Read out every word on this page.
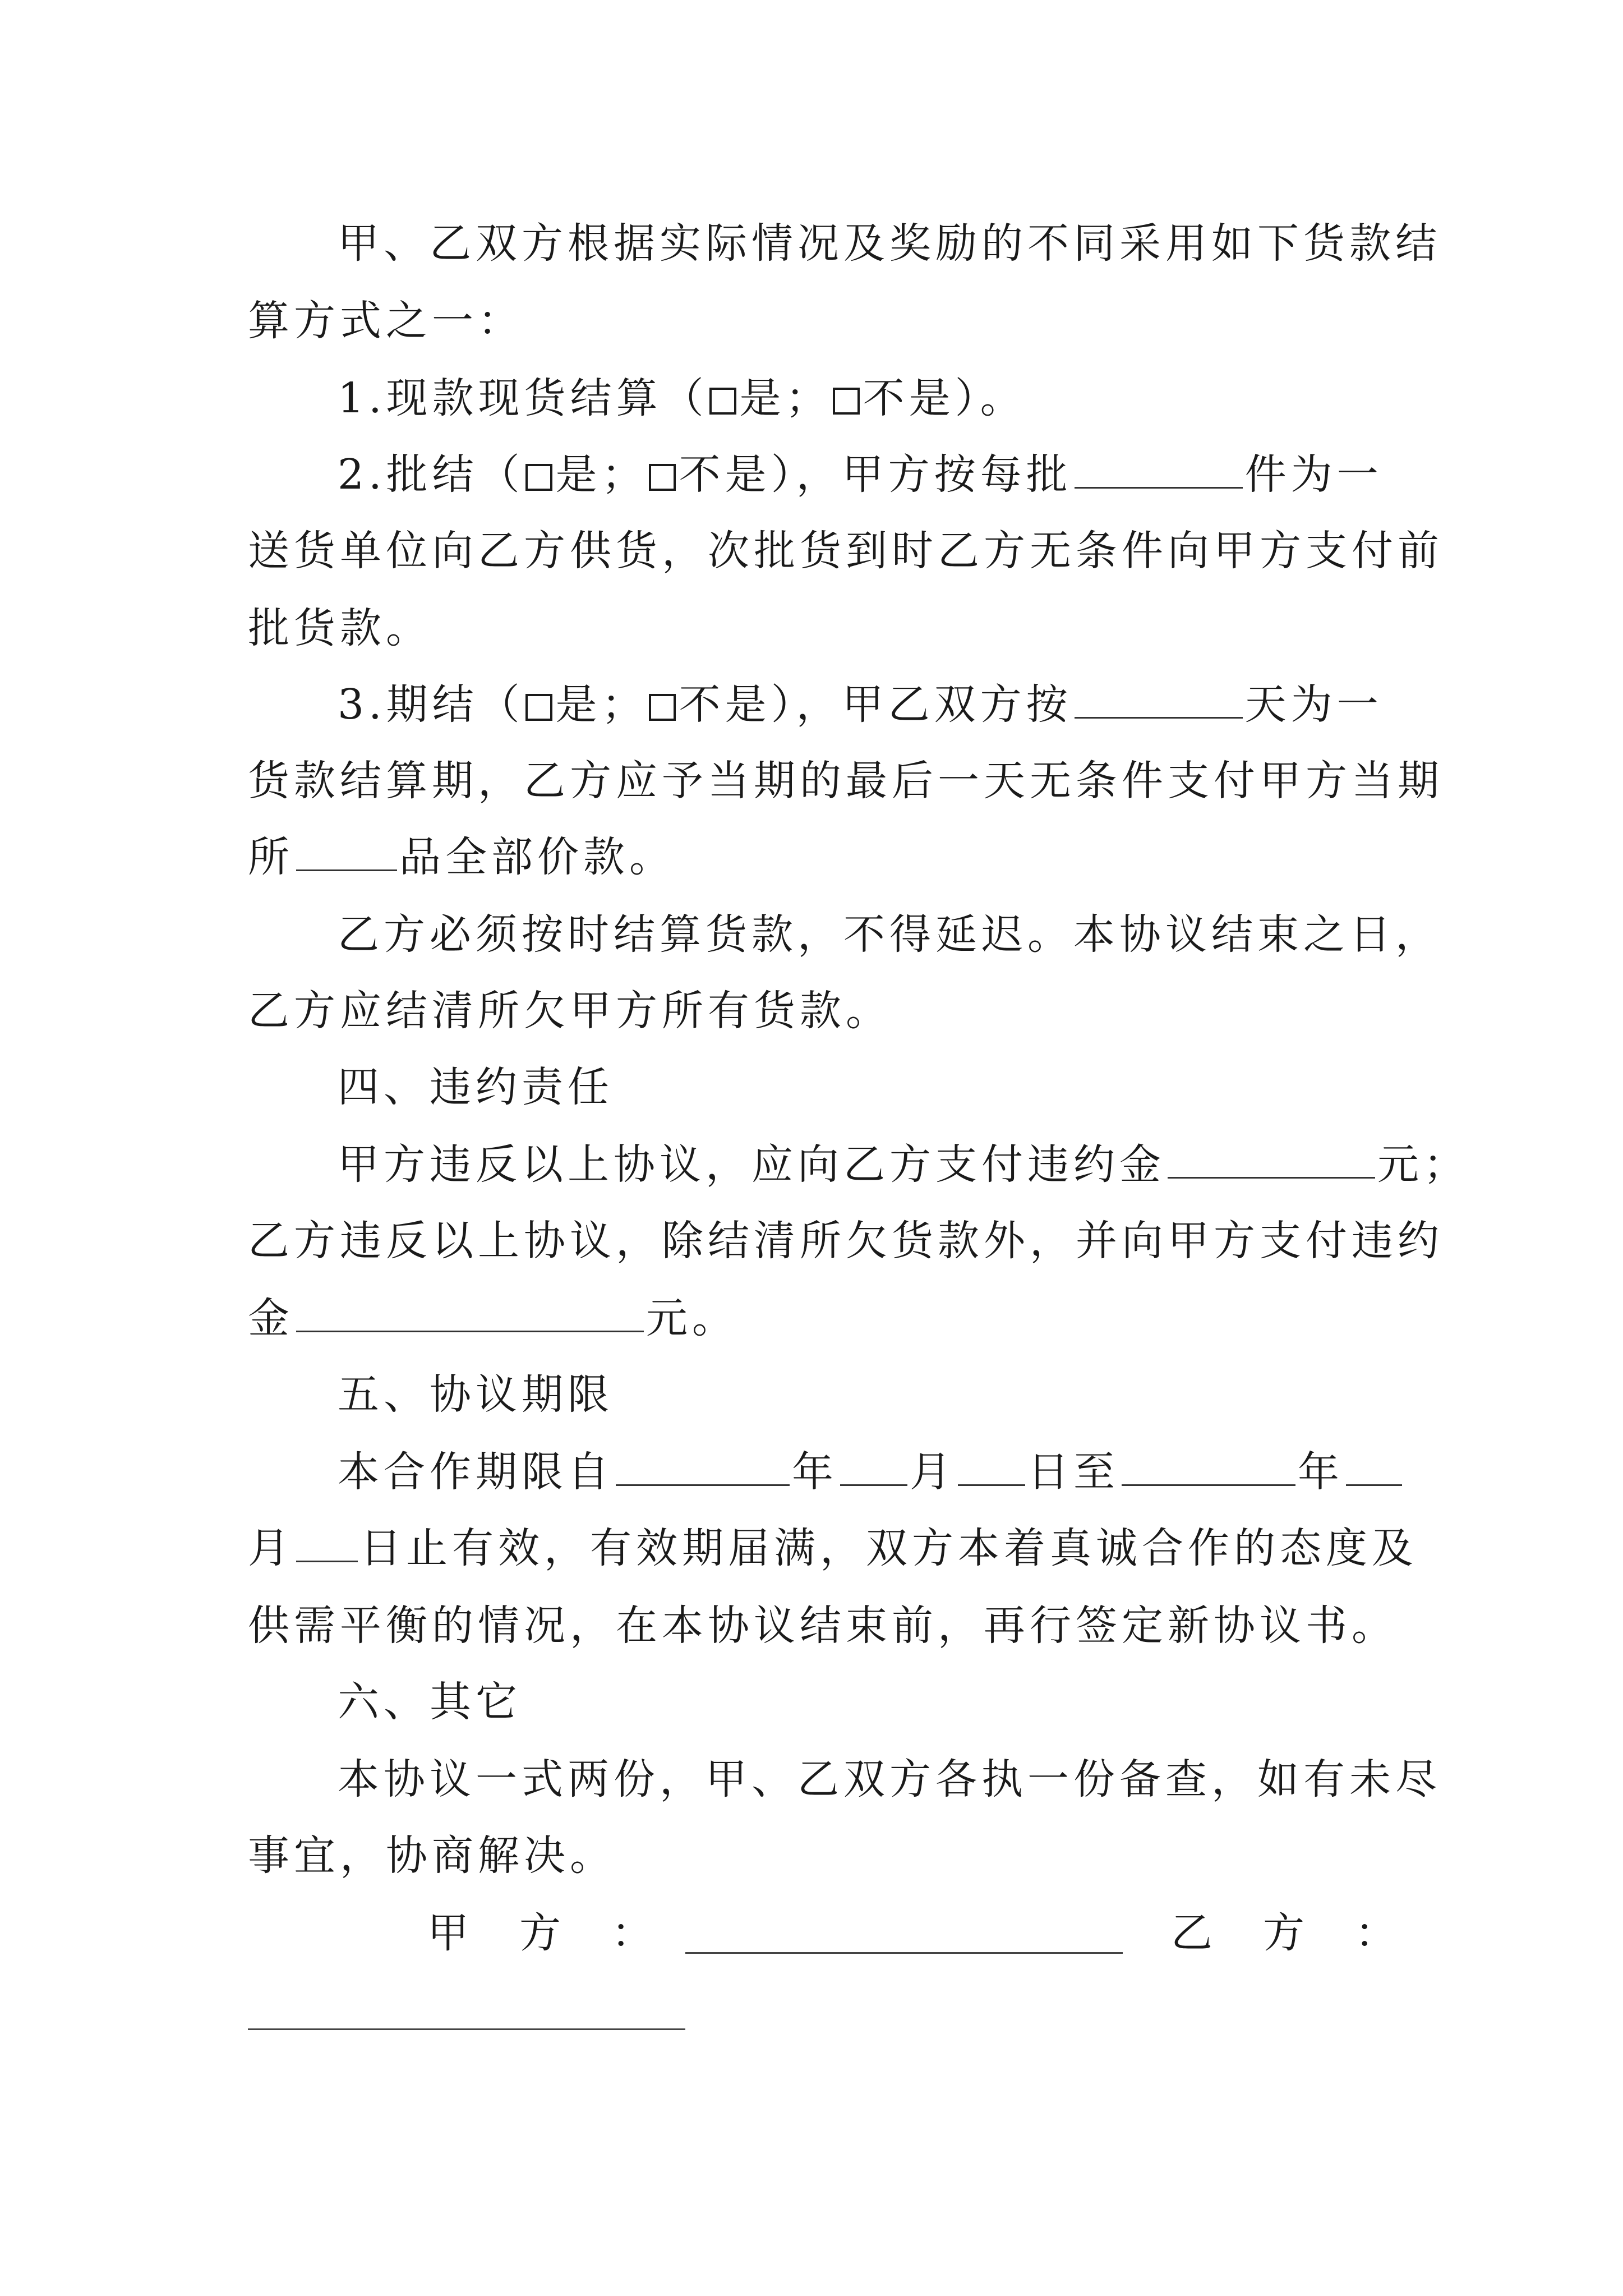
甲、乙双方根据实际情况及奖励的不同采用如下货款结
算方式之一：
1.现款现货结算（ 是； 不是）。
2.批结（ 是； 不是），甲方按每批	件为一
送货单位向乙方供货，次批货到时乙方无条件向甲方支付前
批货款。
3.期结（ 是； 不是），甲乙双方按	天为一
货款结算期，乙方应予当期的最后一天无条件支付甲方当期
所	品全部价款。
乙方必须按时结算货款，不得延迟。本协议结束之日，
乙方应结清所欠甲方所有货款。
四、违约责任
甲方违反以上协议，应向乙方支付违约金	元；
乙方违反以上协议，除结清所欠货款外，并向甲方支付违约
金	元。
五、协议期限
本合作期限自	年 月 日至	年
月 日止有效，有效期届满，双方本着真诚合作的态度及
供需平衡的情况，在本协议结束前，再行签定新协议书。
六、其它
本协议一式两份，甲、乙双方各执一份备查，如有未尽
事宜，协商解决。
甲　方　：	乙　方　：
